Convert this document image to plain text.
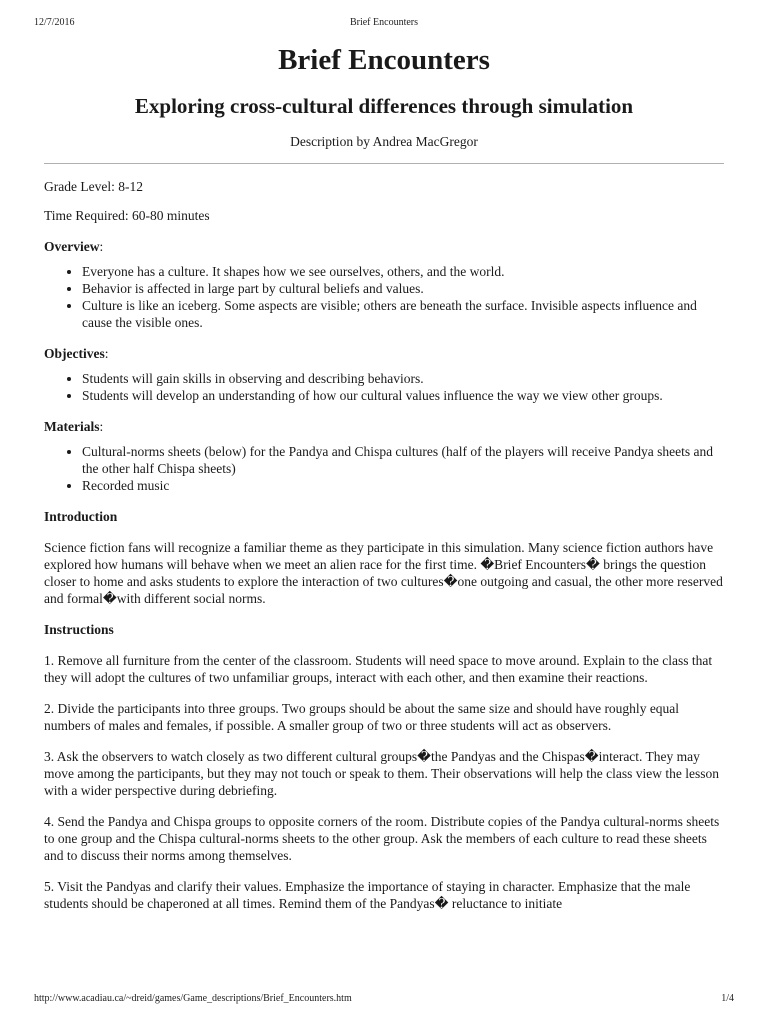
12/7/2016	Brief Encounters
Brief Encounters
Exploring cross-cultural differences through simulation
Description by Andrea MacGregor

Grade Level: 8-12

Time Required: 60-80 minutes

Overview:
• Everyone has a culture. It shapes how we see ourselves, others, and the world.
• Behavior is affected in large part by cultural beliefs and values.
• Culture is like an iceberg. Some aspects are visible; others are beneath the surface. Invisible aspects influence and cause the visible ones.
Objectives:
• Students will gain skills in observing and describing behaviors.
• Students will develop an understanding of how our cultural values influence the way we view other groups.
Materials:
• Cultural-norms sheets (below) for the Pandya and Chispa cultures (half of the players will receive Pandya sheets and the other half Chispa sheets)
• Recorded music
Introduction

Science fiction fans will recognize a familiar theme as they participate in this simulation. Many science fiction authors have explored how humans will behave when we meet an alien race for the first time. �Brief Encounters� brings the question closer to home and asks students to explore the interaction of two cultures�one outgoing and casual, the other more reserved and formal�with different social norms.

Instructions

1. Remove all furniture from the center of the classroom. Students will need space to move around. Explain to the class that they will adopt the cultures of two unfamiliar groups, interact with each other, and then examine their reactions.

2. Divide the participants into three groups. Two groups should be about the same size and should have roughly equal numbers of males and females, if possible. A smaller group of two or three students will act as observers.

3. Ask the observers to watch closely as two different cultural groups�the Pandyas and the Chispas�interact. They may move among the participants, but they may not touch or speak to them. Their observations will help the class view the lesson with a wider perspective during debriefing.

4. Send the Pandya and Chispa groups to opposite corners of the room. Distribute copies of the Pandya cultural-norms sheets to one group and the Chispa cultural-norms sheets to the other group. Ask the members of each culture to read these sheets and to discuss their norms among themselves.

5. Visit the Pandyas and clarify their values. Emphasize the importance of staying in character. Emphasize that the male students should be chaperoned at all times. Remind them of the Pandyas� reluctance to initiate

http://www.acadiau.ca/~dreid/games/Game_descriptions/Brief_Encounters.htm	1/4
